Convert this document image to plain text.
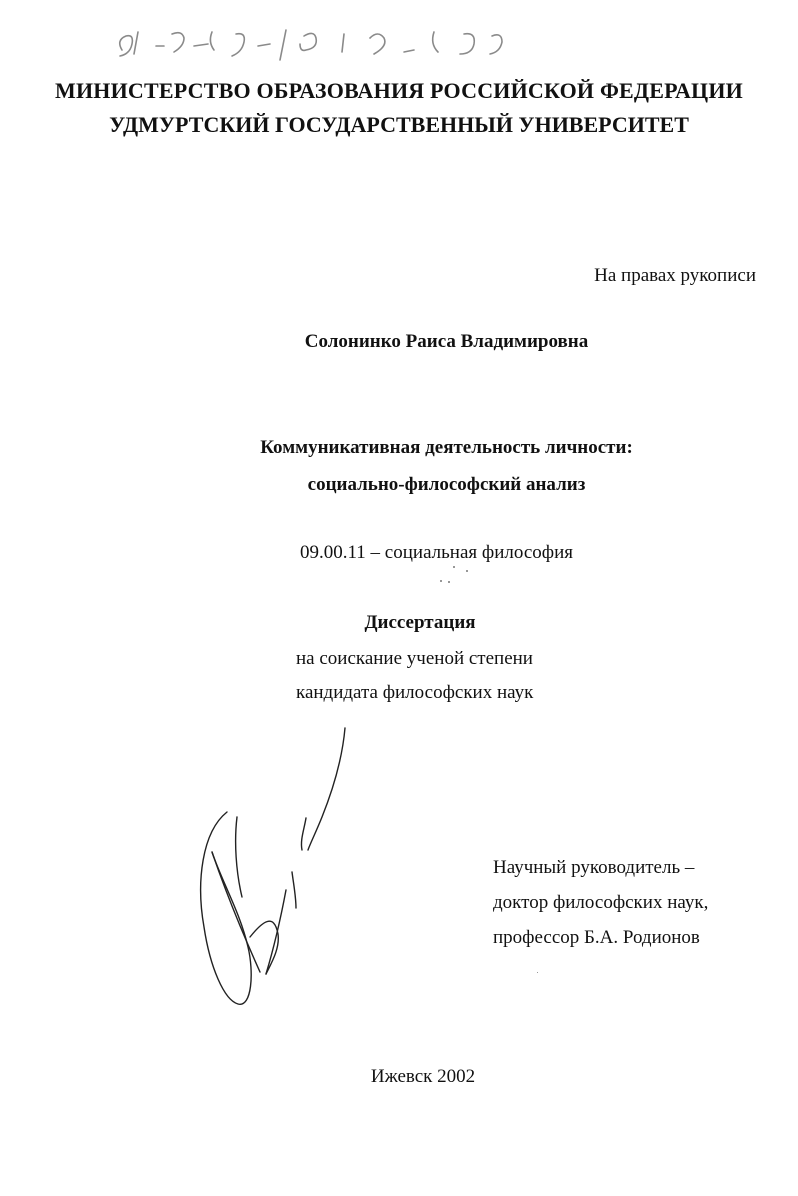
МИНИСТЕРСТВО ОБРАЗОВАНИЯ РОССИЙСКОЙ ФЕДЕРАЦИИ
УДМУРТСКИЙ ГОСУДАРСТВЕННЫЙ УНИВЕРСИТЕТ
На правах рукописи
Солонинко Раиса Владимировна
Коммуникативная деятельность личности:
социально-философский анализ
09.00.11 – социальная философия
Диссертация
на соискание ученой степени
кандидата философских наук
Научный руководитель –
доктор философских наук,
профессор Б.А. Родионов
Ижевск 2002
